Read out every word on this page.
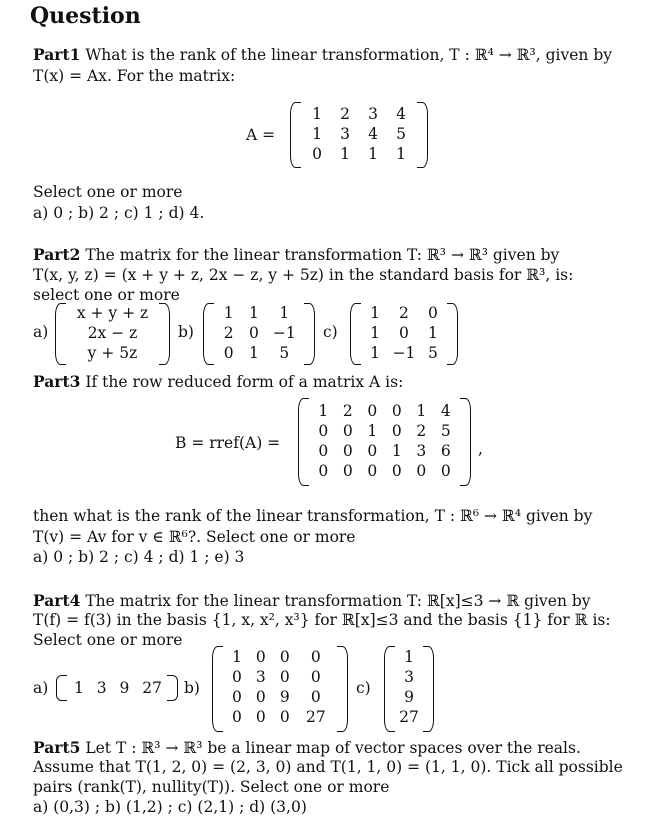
Question
Part1 What is the rank of the linear transformation, T : ℝ⁴ → ℝ³, given by
T(x) = Ax. For the matrix:
A =
1	2	3	4
1	3	4	5
0	1	1	1
Select one or more
a) 0 ; b) 2 ; c) 1 ; d) 4.
Part2 The matrix for the linear transformation T: ℝ³ → ℝ³ given by
T(x, y, z) = (x + y + z, 2x − z, y + 5z) in the standard basis for ℝ³, is:
select one or more
a)
x + y + z
2x − z
y + 5z
b)
1 1	1
2 0 −1
0 1	5
c)
1	2	0
1	0	1
1 −1 5
Part3 If the row reduced form of a matrix A is:
B = rref(A) =
1 2 0 0 1 4
0 0 1 0 2 5
0 0 0 1 3 6
0 0 0 0 0 0
,
then what is the rank of the linear transformation, T : ℝ⁶ → ℝ⁴ given by
T(v) = Av for v ∈ ℝ⁶?. Select one or more
a) 0 ; b) 2 ; c) 4 ; d) 1 ; e) 3
Part4 The matrix for the linear transformation T: ℝ[x]≤3 → ℝ given by
T(f) = f(3) in the basis {1, x, x², x³} for ℝ[x]≤3 and the basis {1} for ℝ is:
Select one or more
a) 1 3 9 27 b)
1 0 0	0
0 3 0	0
0 0 9	0
0 0 0	27
c)
1
3
9
27
Part5 Let T : ℝ³ → ℝ³ be a linear map of vector spaces over the reals.
Assume that T(1, 2, 0) = (2, 3, 0) and T(1, 1, 0) = (1, 1, 0). Tick all possible
pairs (rank(T), nullity(T)). Select one or more
a) (0,3) ; b) (1,2) ; c) (2,1) ; d) (3,0)
